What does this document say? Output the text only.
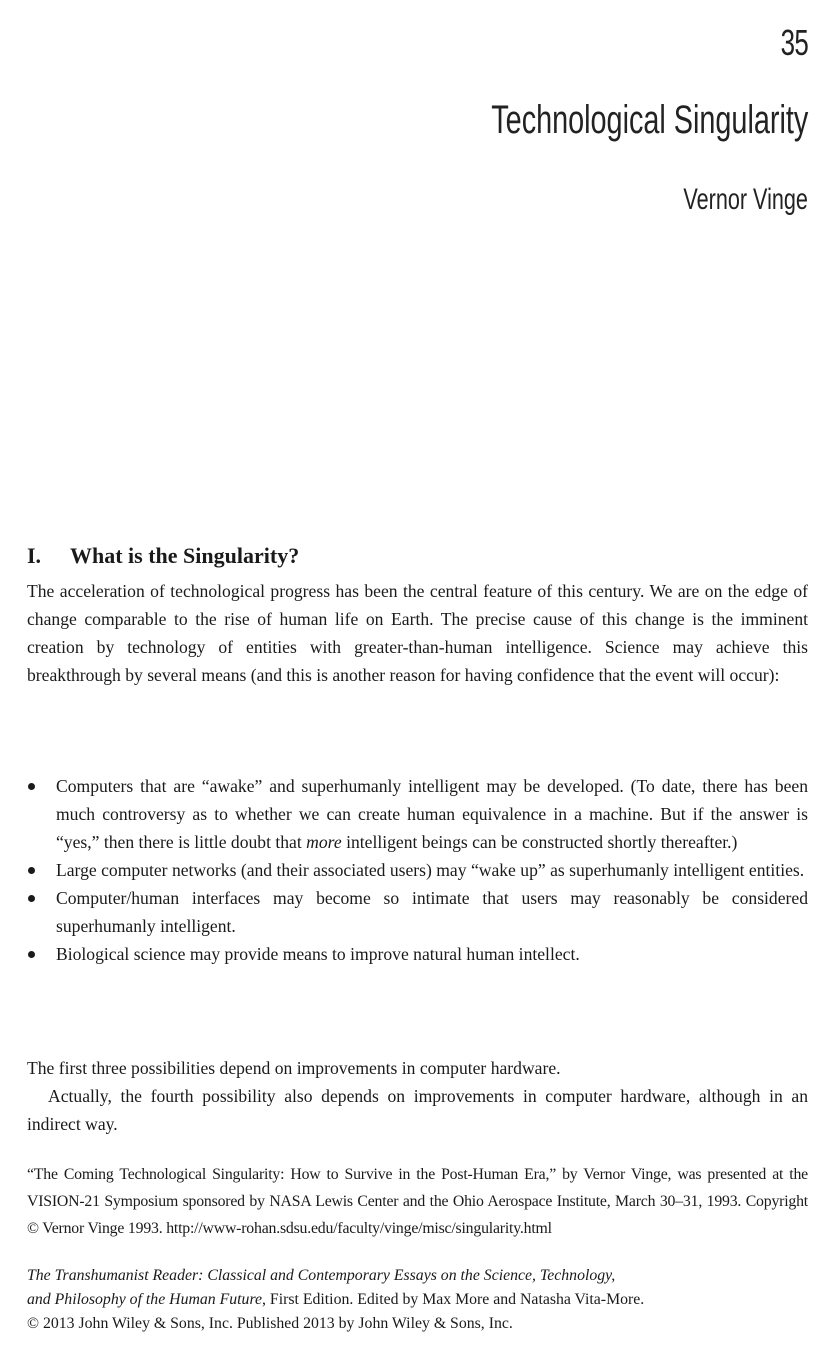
35
Technological Singularity
Vernor Vinge
I. What is the Singularity?

The acceleration of technological progress has been the central feature of this century. We are on the edge of change comparable to the rise of human life on Earth. The precise cause of this change is the imminent creation by technology of entities with greater-than-human intelligence. Science may achieve this breakthrough by several means (and this is another reason for having confidence that the event will occur):

Computers that are “awake” and superhumanly intelligent may be developed. (To date, there has been much controversy as to whether we can create human equivalence in a machine. But if the answer is “yes,” then there is little doubt that more intelligent beings can be constructed shortly thereafter.)
Large computer networks (and their associated users) may “wake up” as superhumanly intelligent entities.
Computer/human interfaces may become so intimate that users may reasonably be considered superhumanly intelligent.
Biological science may provide means to improve natural human intellect.

The first three possibilities depend on improvements in computer hardware.

Actually, the fourth possibility also depends on improvements in computer hardware, although in an indirect way.

“The Coming Technological Singularity: How to Survive in the Post-Human Era,” by Vernor Vinge, was presented at the VISION-21 Symposium sponsored by NASA Lewis Center and the Ohio Aerospace Institute, March 30–31, 1993. Copyright © Vernor Vinge 1993. http://www-rohan.sdsu.edu/faculty/vinge/misc/singularity.html

The Transhumanist Reader: Classical and Contemporary Essays on the Science, Technology,
and Philosophy of the Human Future, First Edition. Edited by Max More and Natasha Vita-More.
© 2013 John Wiley & Sons, Inc. Published 2013 by John Wiley & Sons, Inc.
